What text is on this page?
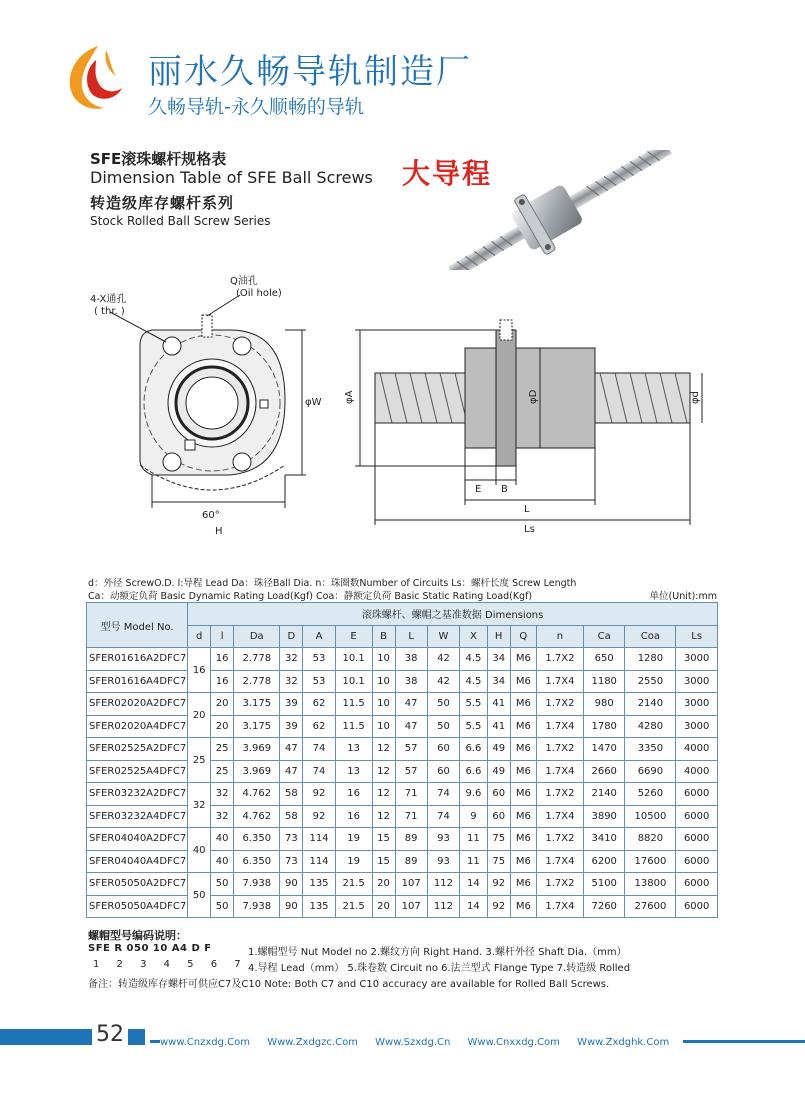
丽水久畅导轨制造厂
久畅导轨-永久顺畅的导轨
SFE滚珠螺杆规格表
Dimension Table of SFE Ball Screws
转造级库存螺杆系列
Stock Rolled Ball Screw Series
大导程
4-X通孔
( thr. )
Q油孔
(Oil hole)
φW
60°
H
φA	φD	φd
E B
L
Ls
d：外径 ScrewO.D. l:导程 Lead Da：珠径Ball Dia. n：珠圈数Number of Circuits Ls：螺杆长度 Screw Length
Ca：动额定负荷 Basic Dynamic Rating Load(Kgf) Coa：静额定负荷 Basic Static Rating Load(Kgf)	单位(Unit):mm
型号 Model No.	滚珠螺杆、螺帽之基准数据 Dimensions															
	d	l	Da	D	A	E	B	L	W	X	H	Q	n	Ca	Coa	Ls
SFER01616A2DFC7	16	16	2.778	32	53	10.1	10	38	42	4.5	34	M6	1.7X2	650	1280	3000
SFER01616A4DFC7		16	2.778	32	53	10.1	10	38	42	4.5	34	M6	1.7X4	1180	2550	3000
SFER02020A2DFC7	20	20	3.175	39	62	11.5	10	47	50	5.5	41	M6	1.7X2	980	2140	3000
SFER02020A4DFC7		20	3.175	39	62	11.5	10	47	50	5.5	41	M6	1.7X4	1780	4280	3000
SFER02525A2DFC7	25	25	3.969	47	74	13	12	57	60	6.6	49	M6	1.7X2	1470	3350	4000
SFER02525A4DFC7		25	3.969	47	74	13	12	57	60	6.6	49	M6	1.7X4	2660	6690	4000
SFER03232A2DFC7	32	32	4.762	58	92	16	12	71	74	9.6	60	M6	1.7X2	2140	5260	6000
SFER03232A4DFC7		32	4.762	58	92	16	12	71	74	9	60	M6	1.7X4	3890	10500	6000
SFER04040A2DFC7	40	40	6.350	73	114	19	15	89	93	11	75	M6	1.7X2	3410	8820	6000
SFER04040A4DFC7		40	6.350	73	114	19	15	89	93	11	75	M6	1.7X4	6200	17600	6000
SFER05050A2DFC7	50	50	7.938	90	135	21.5	20	107	112	14	92	M6	1.7X2	5100	13800	6000
SFER05050A4DFC7		50	7.938	90	135	21.5	20	107	112	14	92	M6	1.7X4	7260	27600	6000
螺帽型号编码说明：
SFE R 050 10 A4 D F
1 2 3 4 5 6 7
1.螺帽型号 Nut Model no 2.螺纹方向 Right Hand. 3.螺杆外径 Shaft Dia.（mm）
4.导程 Lead（mm） 5.珠卷数 Circuit no 6.法兰型式 Flange Type 7.转造级 Rolled
备注：转造级库存螺杆可供应C7及C10 Note: Both C7 and C10 accuracy are available for Rolled Ball Screws.
52	www.Cnzxdg.Com Www.Zxdgzc.Com Www.Szxdg.Cn Www.Cnxxdg.Com Www.Zxdghk.Com
